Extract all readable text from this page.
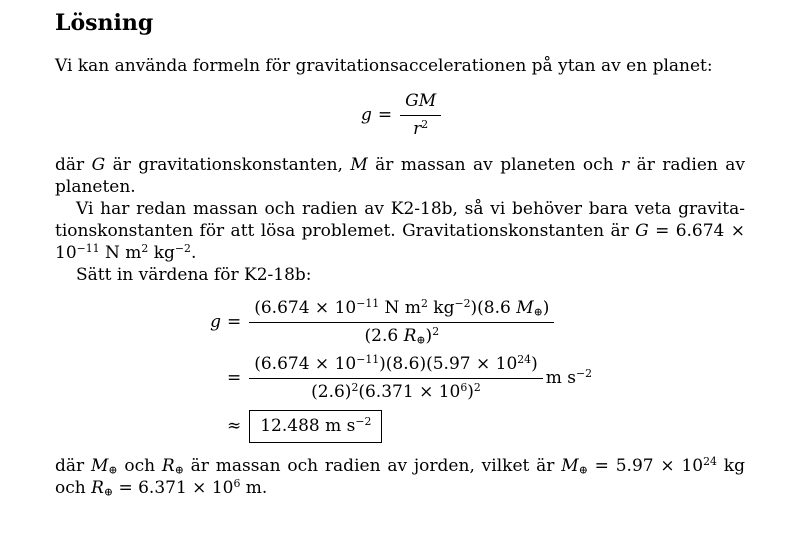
Lösning

Vi kan använda formeln för gravitationsaccelerationen på ytan av en planet:

$g = \frac{GM}{r^2}$

där G är gravitationskonstanten, M är massan av planeten och r är radien av planeten.

Vi har redan massan och radien av K2-18b, så vi behöver bara veta gravitationskonstanten för att lösa problemet. Gravitationskonstanten är $G = 6.674 \times 10^{-11}$ N $m^2$ $kg^{-2}$.

Sätt in värdena för K2-18b:

$g = \frac{(6.674 \times 10^{-11} N m^2 kg^{-2})(8.6 M_\oplus)}{(2.6 R_\oplus)^2}$
= $\frac{(6.674 \times 10^{-11})(8.6)(5.97 \times 10^{24})}{(2.6)^2(6.371 \times 10^6)^2}$ m $s^{-2}$
≈	12.488 m $s^{-2}$

där $M_\oplus$ och $R_\oplus$ är massan och radien av jorden, vilket är $M_\oplus = 5.97 \times 10^{24}$ kg och $R_\oplus = 6.371 \times 10^6$ m.
